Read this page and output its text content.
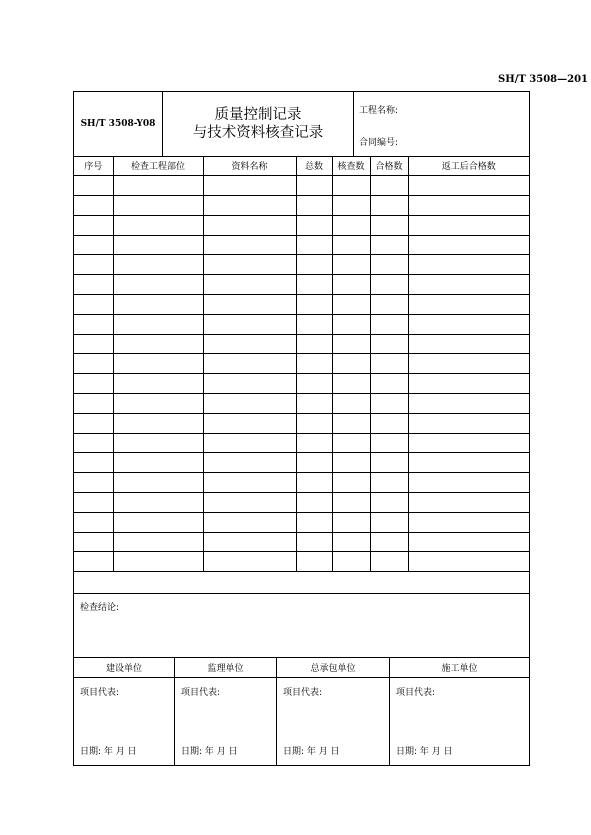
SH/T 3508—201
SH/T 3508-Y08
质量控制记录
与技术资料核查记录
工程名称:
合同编号:
序号	检查工程部位	资料名称	总数	核查数	合格数	返工后合格数

检查结论:
建设单位
项目代表:
日期: 年 月 日
监理单位
项目代表:
日期: 年 月 日
总承包单位
项目代表:
日期: 年 月 日
施工单位
项目代表:
日期: 年 月 日
